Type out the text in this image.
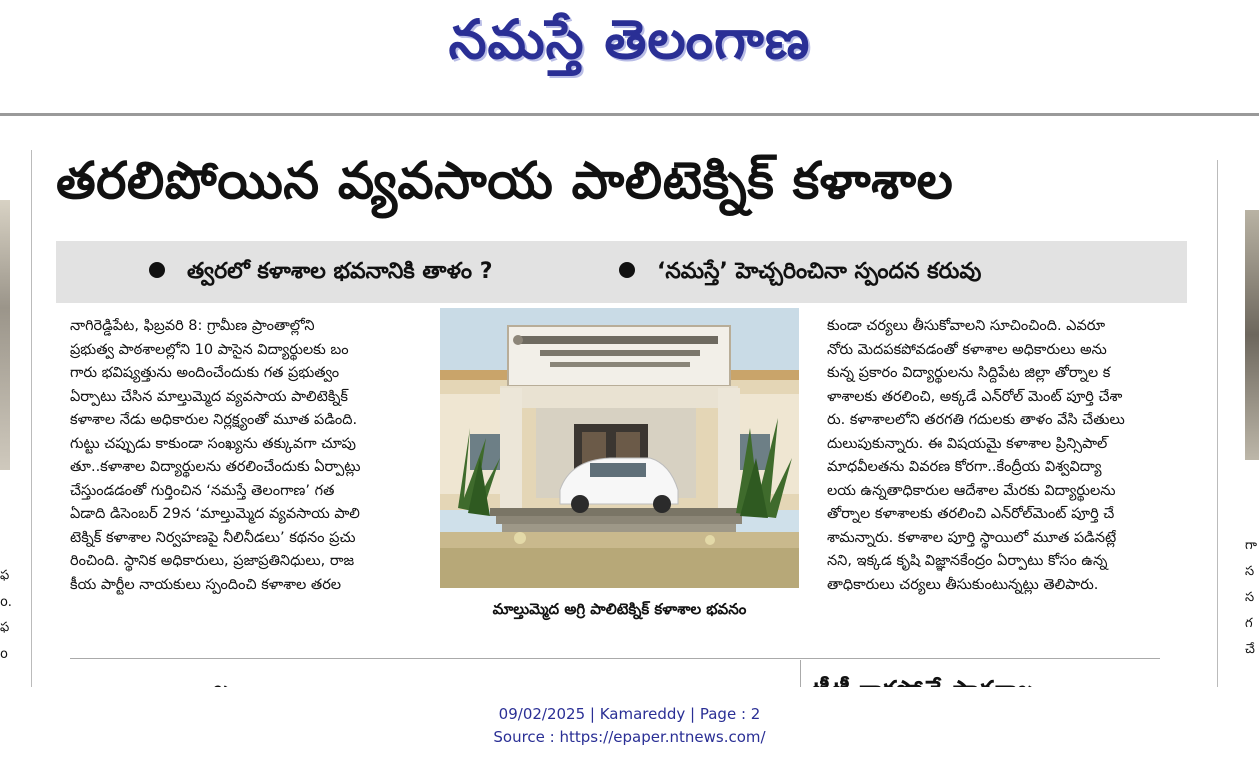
నమస్తే తెలంగాణ
ఫ
o.
ఫ
o
గా
స
స
గ
చే
తరలిపోయిన వ్యవసాయ పాలిటెక్నిక్ కళాశాల
త్వరలో కళాశాల భవనానికి తాళం ?	‘నమస్తే’ హెచ్చరించినా స్పందన కరువు
నాగిరెడ్డిపేట, ఫిబ్రవరి 8: గ్రామీణ ప్రాంతాల్లోని
ప్రభుత్వ పాఠశాలల్లోని 10 పాసైన విద్యార్థులకు బం
గారు భవిష్యత్తును అందించేందుకు గత ప్రభుత్వం
ఏర్పాటు చేసిన మాల్తుమ్మెద వ్యవసాయ పాలిటెక్నిక్
కళాశాల నేడు అధికారుల నిర్లక్ష్యంతో మూత పడింది.
గుట్టు చప్పుడు కాకుండా సంఖ్యను తక్కువగా చూపు
తూ..కళాశాల విద్యార్థులను తరలించేందుకు ఏర్పాట్లు
చేస్తుండడంతో గుర్తించిన ‘నమస్తే తెలంగాణ’ గత
ఏడాది డిసెంబర్ 29న ‘మాల్తుమ్మెద వ్యవసాయ పాలి
టెక్నిక్ కళాశాల నిర్వహణపై నీలినీడలు’ కథనం ప్రచు
రించింది. స్థానిక అధికారులు, ప్రజాప్రతినిధులు, రాజ
కీయ పార్టీల నాయకులు స్పందించి కళాశాల తరల
మాల్తుమ్మెద అగ్రి పాలిటెక్నిక్ కళాశాల భవనం
కుండా చర్యలు తీసుకోవాలని సూచించింది. ఎవరూ
నోరు మెదపకపోవడంతో కళాశాల అధికారులు అను
కున్న ప్రకారం విద్యార్థులను సిద్దిపేట జిల్లా తోర్నాల క
ళాశాలకు తరలించి, అక్కడే ఎన్‌రోల్ మెంట్ పూర్తి చేశా
రు. కళాశాలలోని తరగతి గదులకు తాళం వేసి చేతులు
దులుపుకున్నారు. ఈ విషయమై కళాశాల ప్రిన్సిపాల్
మాధవీలతను వివరణ కోరగా..కేంద్రీయ విశ్వవిద్యా
లయ ఉన్నతాధికారుల ఆదేశాల మేరకు విద్యార్థులను
తోర్నాల కళాశాలకు తరలించి ఎన్‌రోల్‌మెంట్ పూర్తి చే
శామన్నారు. కళాశాల పూర్తి స్థాయిలో మూత పడినట్లే
నని, ఇక్కడ కృషి విజ్ఞానకేంద్రం ఏర్పాటు కోసం ఉన్న
తాధికారులు చర్యలు తీసుకుంటున్నట్లు తెలిపారు.
09/02/2025 | Kamareddy | Page : 2
Source : https://epaper.ntnews.com/
